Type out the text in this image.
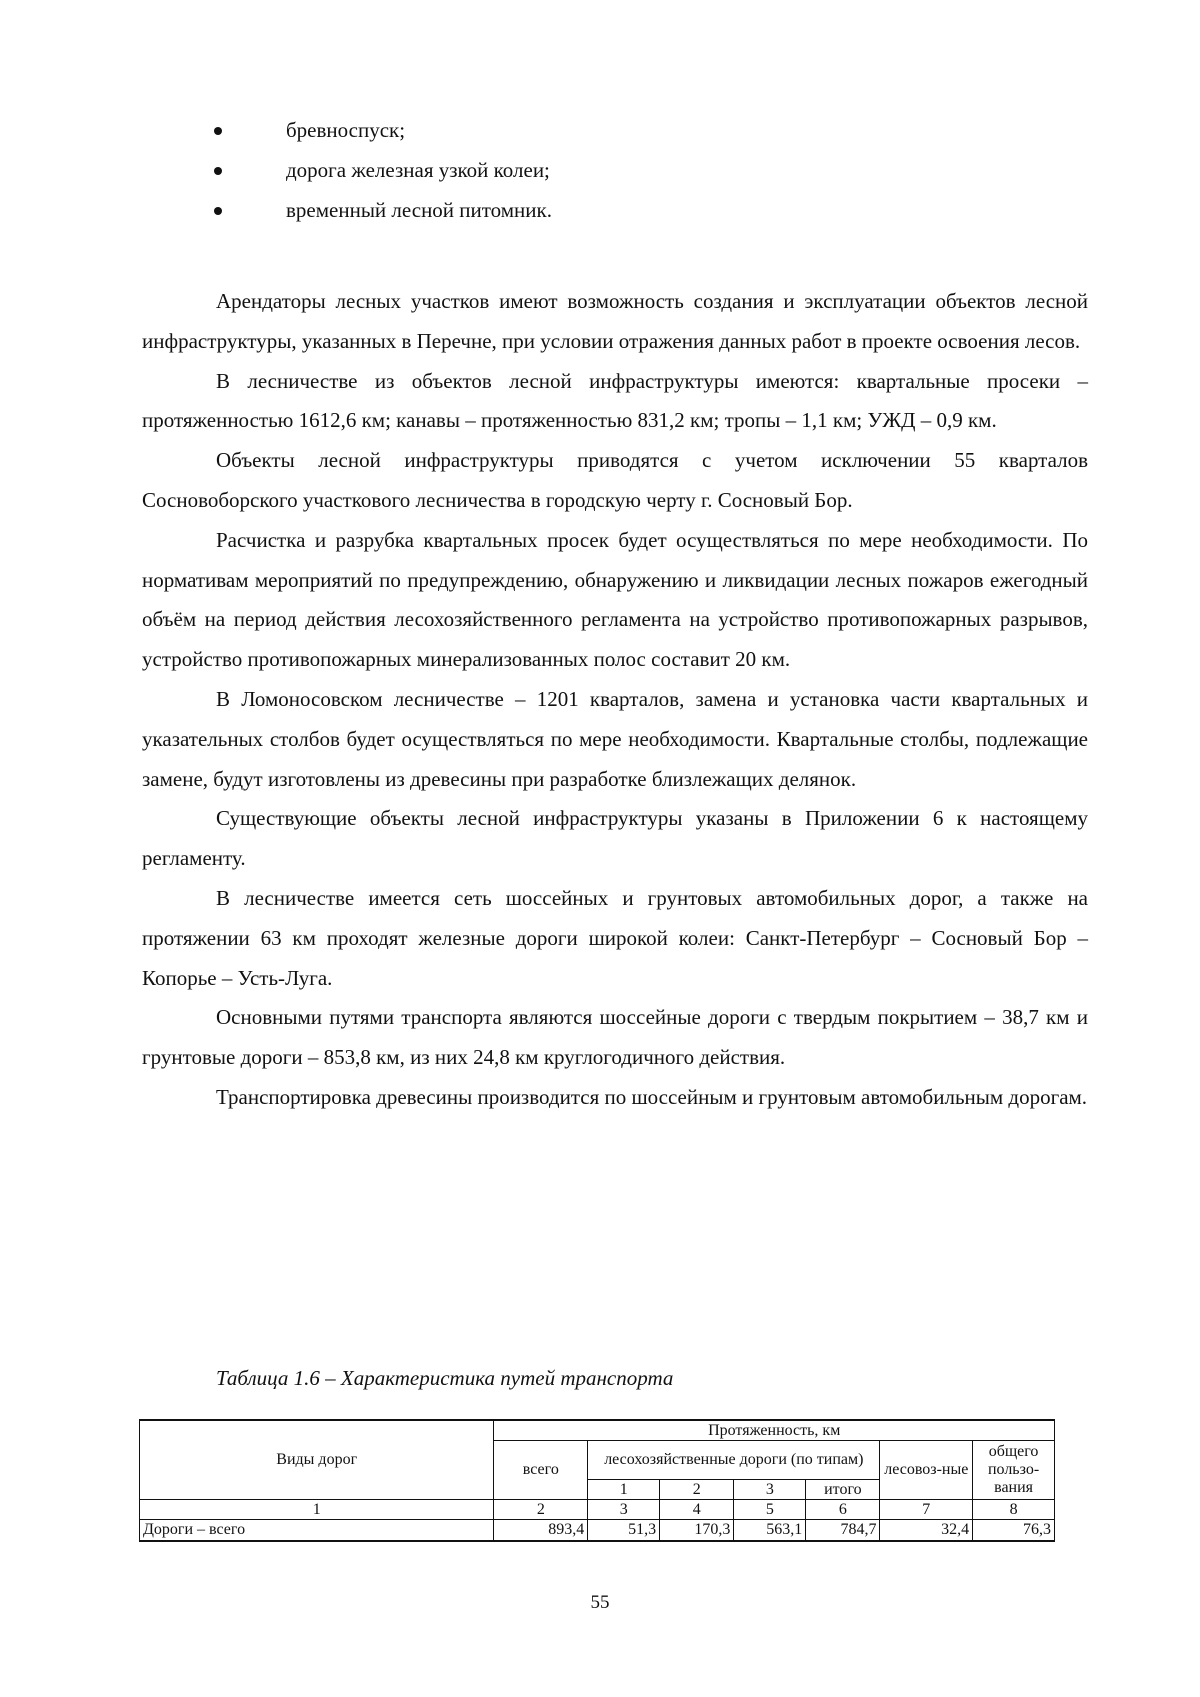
бревноспуск;
дорога железная узкой колеи;
временный лесной питомник.

Арендаторы лесных участков имеют возможность создания и эксплуатации объектов лесной инфраструктуры, указанных в Перечне, при условии отражения данных работ в проекте освоения лесов.

В лесничестве из объектов лесной инфраструктуры имеются: квартальные просеки – протяженностью 1612,6 км; канавы – протяженностью 831,2 км; тропы – 1,1 км; УЖД – 0,9 км.

Объекты лесной инфраструктуры приводятся с учетом исключении 55 кварталов Сосновоборского участкового лесничества в городскую черту г. Сосновый Бор.

Расчистка и разрубка квартальных просек будет осуществляться по мере необходимости. По нормативам мероприятий по предупреждению, обнаружению и ликвидации лесных пожаров ежегодный объём на период действия лесохозяйственного регламента на устройство противопожарных разрывов, устройство противопожарных минерализованных полос составит 20 км.

В Ломоносовском лесничестве – 1201 кварталов, замена и установка части квартальных и указательных столбов будет осуществляться по мере необходимости. Квартальные столбы, подлежащие замене, будут изготовлены из древесины при разработке близлежащих делянок.

Существующие объекты лесной инфраструктуры указаны в Приложении 6 к настоящему регламенту.

В лесничестве имеется сеть шоссейных и грунтовых автомобильных дорог, а также на протяжении 63 км проходят железные дороги широкой колеи: Санкт-Петербург – Сосновый Бор – Копорье – Усть-Луга.

Основными путями транспорта являются шоссейные дороги с твердым покрытием – 38,7 км и грунтовые дороги – 853,8 км, из них 24,8 км круглогодичного действия.

Транспортировка древесины производится по шоссейным и грунтовым автомобильным дорогам.

Таблица 1.6 – Характеристика путей транспорта
Виды дорог	Протяженность, км						
	всего	лесохозяйственные дороги (по типам)				лесовоз-ные	общего пользо-вания
		1	2	3	итого		
1	2	3	4	5	6	7	8
Дороги – всего	893,4	51,3	170,3	563,1	784,7	32,4	76,3
55
